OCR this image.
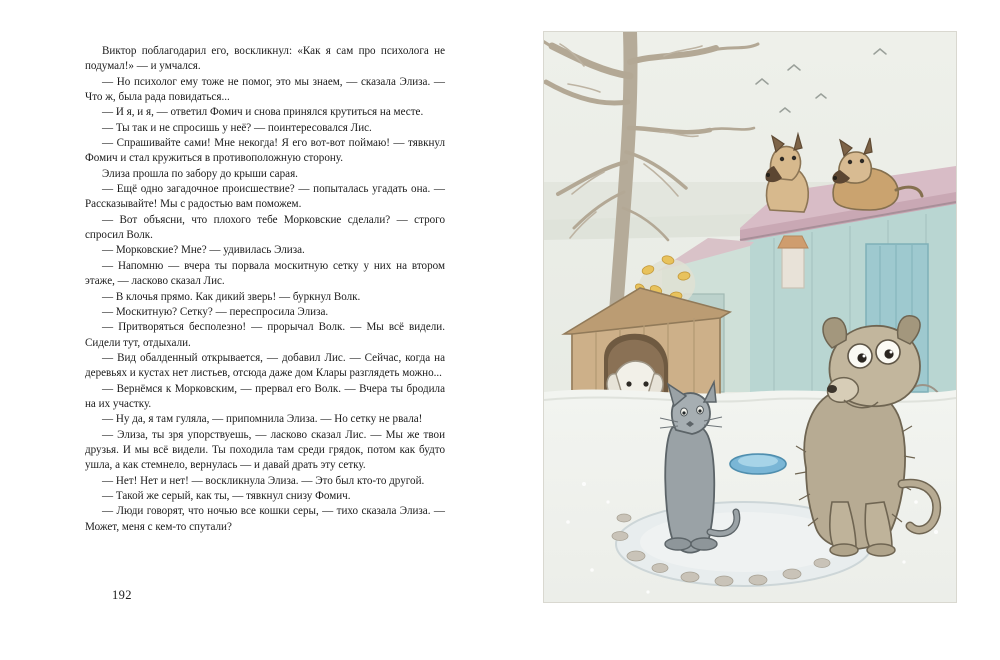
Виктор поблагодарил его, воскликнул: «Как я сам про психолога не подумал!» — и умчался.

— Но психолог ему тоже не помог, это мы знаем, — сказала Элиза. — Что ж, была рада повидаться...

— И я, и я, — ответил Фомич и снова принялся крутиться на месте.

— Ты так и не спросишь у неё? — поинтересовался Лис.

— Спрашивайте сами! Мне некогда! Я его вот-вот поймаю! — тявкнул Фомич и стал кружиться в противоположную сторону.

Элиза прошла по забору до крыши сарая.

— Ещё одно загадочное происшествие? — попыталась угадать она. — Рассказывайте! Мы с радостью вам поможем.

— Вот объясни, что плохого тебе Морковские сделали? — строго спросил Волк.

— Морковские? Мне? — удивилась Элиза.

— Напомню — вчера ты порвала москитную сетку у них на втором этаже, — ласково сказал Лис.

— В клочья прямо. Как дикий зверь! — буркнул Волк.

— Москитную? Сетку? — переспросила Элиза.

— Притворяться бесполезно! — прорычал Волк. — Мы всё видели. Сидели тут, отдыхали.

— Вид обалденный открывается, — добавил Лис. — Сейчас, когда на деревьях и кустах нет листьев, отсюда даже дом Клары разглядеть можно...

— Вернёмся к Морковским, — прервал его Волк. — Вчера ты бродила на их участку.

— Ну да, я там гуляла, — припомнила Элиза. — Но сетку не рвала!

— Элиза, ты зря упорствуешь, — ласково сказал Лис. — Мы же твои друзья. И мы всё видели. Ты походила там среди грядок, потом как будто ушла, а как стемнело, вернулась — и давай драть эту сетку.

— Нет! Нет и нет! — воскликнула Элиза. — Это был кто-то другой.

— Такой же серый, как ты, — тявкнул снизу Фомич.

— Люди говорят, что ночью все кошки серы, — тихо сказала Элиза. — Может, меня с кем-то спутали?

192
